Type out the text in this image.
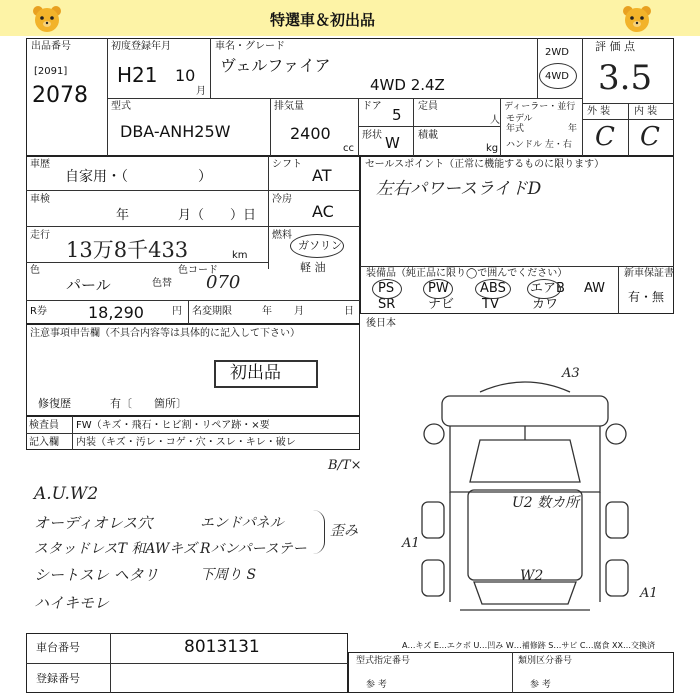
特選車＆初出品
出品番号
[2091]
2078
初度登録年月
H21 10
月
車名・グレード
ヴェルファイア
4WD 2.4Z
2WD
4WD
評 価 点
3.5
外 装 内 装
C C
型式
DBA-ANH25W
排気量
2400
cc
ドア 5
形状 W
定員
人
積載
kg
ディーラー・並行
モデル
年式	年
ハンドル 左・右
車歴
自家用・（　　　　　）
シフト
AT
車検
年	月（　　）日
冷房
AC
走行
13万8千433	km
燃料
ガソリン
軽 油
色
パール	色替
色コード
070
R券	18,290	円 名変期限	年 月	日
セールスポイント（正常に機能するものに限ります）
左右パワースライドD
装備品（純正品に限り◯で囲んでください）	新車保証書
有・無
PS	PW ABS エアB AW
SR	ナビ TV	カワ
後日本
注意事項申告欄（不具合内容等は具体的に記入して下さい）
初出品
修復歴	有〔　　箇所〕
検査員
記入欄
FW（キズ・飛石・ヒビ割・リペア跡・×要
内装（キズ・汚レ・コゲ・穴・スレ・キレ・破レ
B/T×
A.U.W2
オーディオレス穴
スタッドレスT 和AWキズ
シートスレ ヘタリ
ハイキモレ
エンドパネル
Rバンパーステー
下周り S
歪み
A3
U2 数カ所
A1
W2
A1
A…キズ E…エクボ U…凹み W…補修跡 S…サビ C…腐食 XX…交換済
車台番号	8013131
登録番号
型式指定番号
参 考
類別区分番号
参 考
